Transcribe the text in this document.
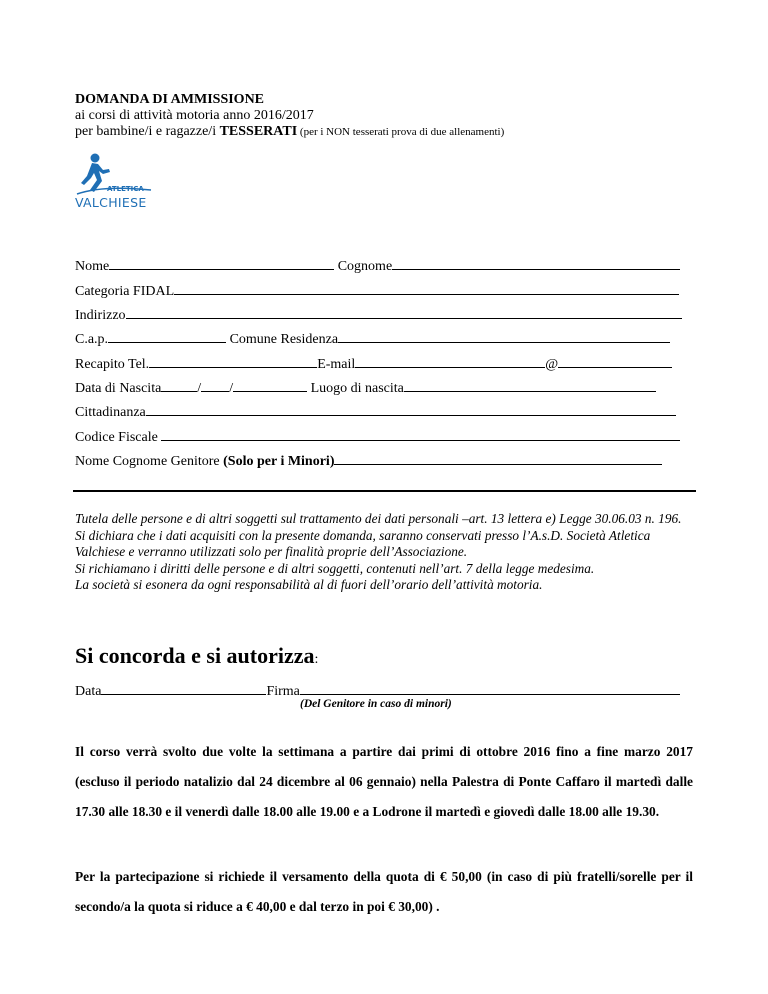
DOMANDA DI AMMISSIONE
ai corsi di attività motoria anno 2016/2017
per bambine/i e ragazze/i TESSERATI (per i NON tesserati prova di due allenamenti)
ATLETICA
VALCHIESE
Nome	Cognome
Categoria FIDAL
Indirizzo
C.a.p.	Comune Residenza
Recapito Tel.	E-mail	@
Data di Nascita	/ /	Luogo di nascita
Cittadinanza
Codice Fiscale
Nome Cognome Genitore (Solo per i Minori)
Tutela delle persone e di altri soggetti sul trattamento dei dati personali –art. 13 lettera e) Legge 30.06.03 n. 196.
Si dichiara che i dati acquisiti con la presente domanda, saranno conservati presso l’A.s.D. Società Atletica Valchiese e verranno utilizzati solo per finalità proprie dell’Associazione.
Si richiamano i diritti delle persone e di altri soggetti, contenuti nell’art. 7 della legge medesima.
La società si esonera da ogni responsabilità al di fuori dell’orario dell’attività motoria.
Si concorda e si autorizza:
Data	Firma
(Del Genitore in caso di minori)
Il corso verrà svolto due volte la settimana a partire dai primi di ottobre 2016 fino a fine marzo 2017 (escluso il periodo natalizio dal 24 dicembre al 06 gennaio) nella Palestra di Ponte Caffaro il martedì dalle 17.30 alle 18.30 e il venerdì dalle 18.00 alle 19.00 e a Lodrone il martedì e giovedì dalle 18.00 alle 19.30.
Per la partecipazione si richiede il versamento della quota di € 50,00 (in caso di più fratelli/sorelle per il secondo/a la quota si riduce a € 40,00 e dal terzo in poi € 30,00) .
